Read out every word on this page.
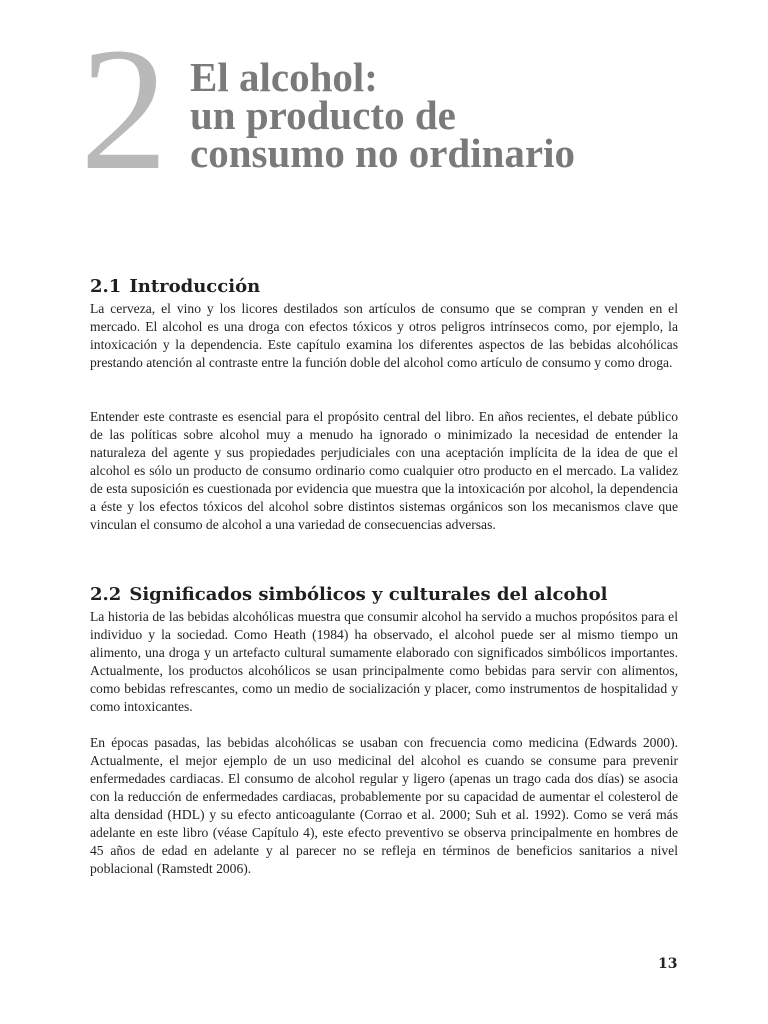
2 El alcohol:
un producto de
consumo no ordinario
2.1 Introducción

La cerveza, el vino y los licores destilados son artículos de consumo que se compran y venden en el mercado. El alcohol es una droga con efectos tóxicos y otros peligros intrínsecos como, por ejemplo, la intoxicación y la dependencia. Este capítulo examina los diferentes aspectos de las bebidas alcohólicas prestando atención al contraste entre la función doble del alcohol como artículo de consumo y como droga.

Entender este contraste es esencial para el propósito central del libro. En años recientes, el debate público de las políticas sobre alcohol muy a menudo ha ignorado o minimizado la necesidad de entender la naturaleza del agente y sus propiedades perjudiciales con una aceptación implícita de la idea de que el alcohol es sólo un producto de consumo ordinario como cualquier otro producto en el mercado. La validez de esta suposición es cuestionada por evidencia que muestra que la intoxicación por alcohol, la dependencia a éste y los efectos tóxicos del alcohol sobre distintos sistemas orgánicos son los mecanismos clave que vinculan el consumo de alcohol a una variedad de consecuencias adversas.

2.2 Significados simbólicos y culturales del alcohol

La historia de las bebidas alcohólicas muestra que consumir alcohol ha servido a muchos propósitos para el individuo y la sociedad. Como Heath (1984) ha observado, el alcohol puede ser al mismo tiempo un alimento, una droga y un artefacto cultural sumamente elaborado con significados simbólicos importantes. Actualmente, los productos alcohólicos se usan principalmente como bebidas para servir con alimentos, como bebidas refrescantes, como un medio de socialización y placer, como instrumentos de hospitalidad y como intoxicantes.

En épocas pasadas, las bebidas alcohólicas se usaban con frecuencia como medicina (Edwards 2000). Actualmente, el mejor ejemplo de un uso medicinal del alcohol es cuando se consume para prevenir enfermedades cardiacas. El consumo de alcohol regular y ligero (apenas un trago cada dos días) se asocia con la reducción de enfermedades cardiacas, probablemente por su capacidad de aumentar el colesterol de alta densidad (HDL) y su efecto anticoagulante (Corrao et al. 2000; Suh et al. 1992). Como se verá más adelante en este libro (véase Capítulo 4), este efecto preventivo se observa principalmente en hombres de 45 años de edad en adelante y al parecer no se refleja en términos de beneficios sanitarios a nivel poblacional (Ramstedt 2006).

13
